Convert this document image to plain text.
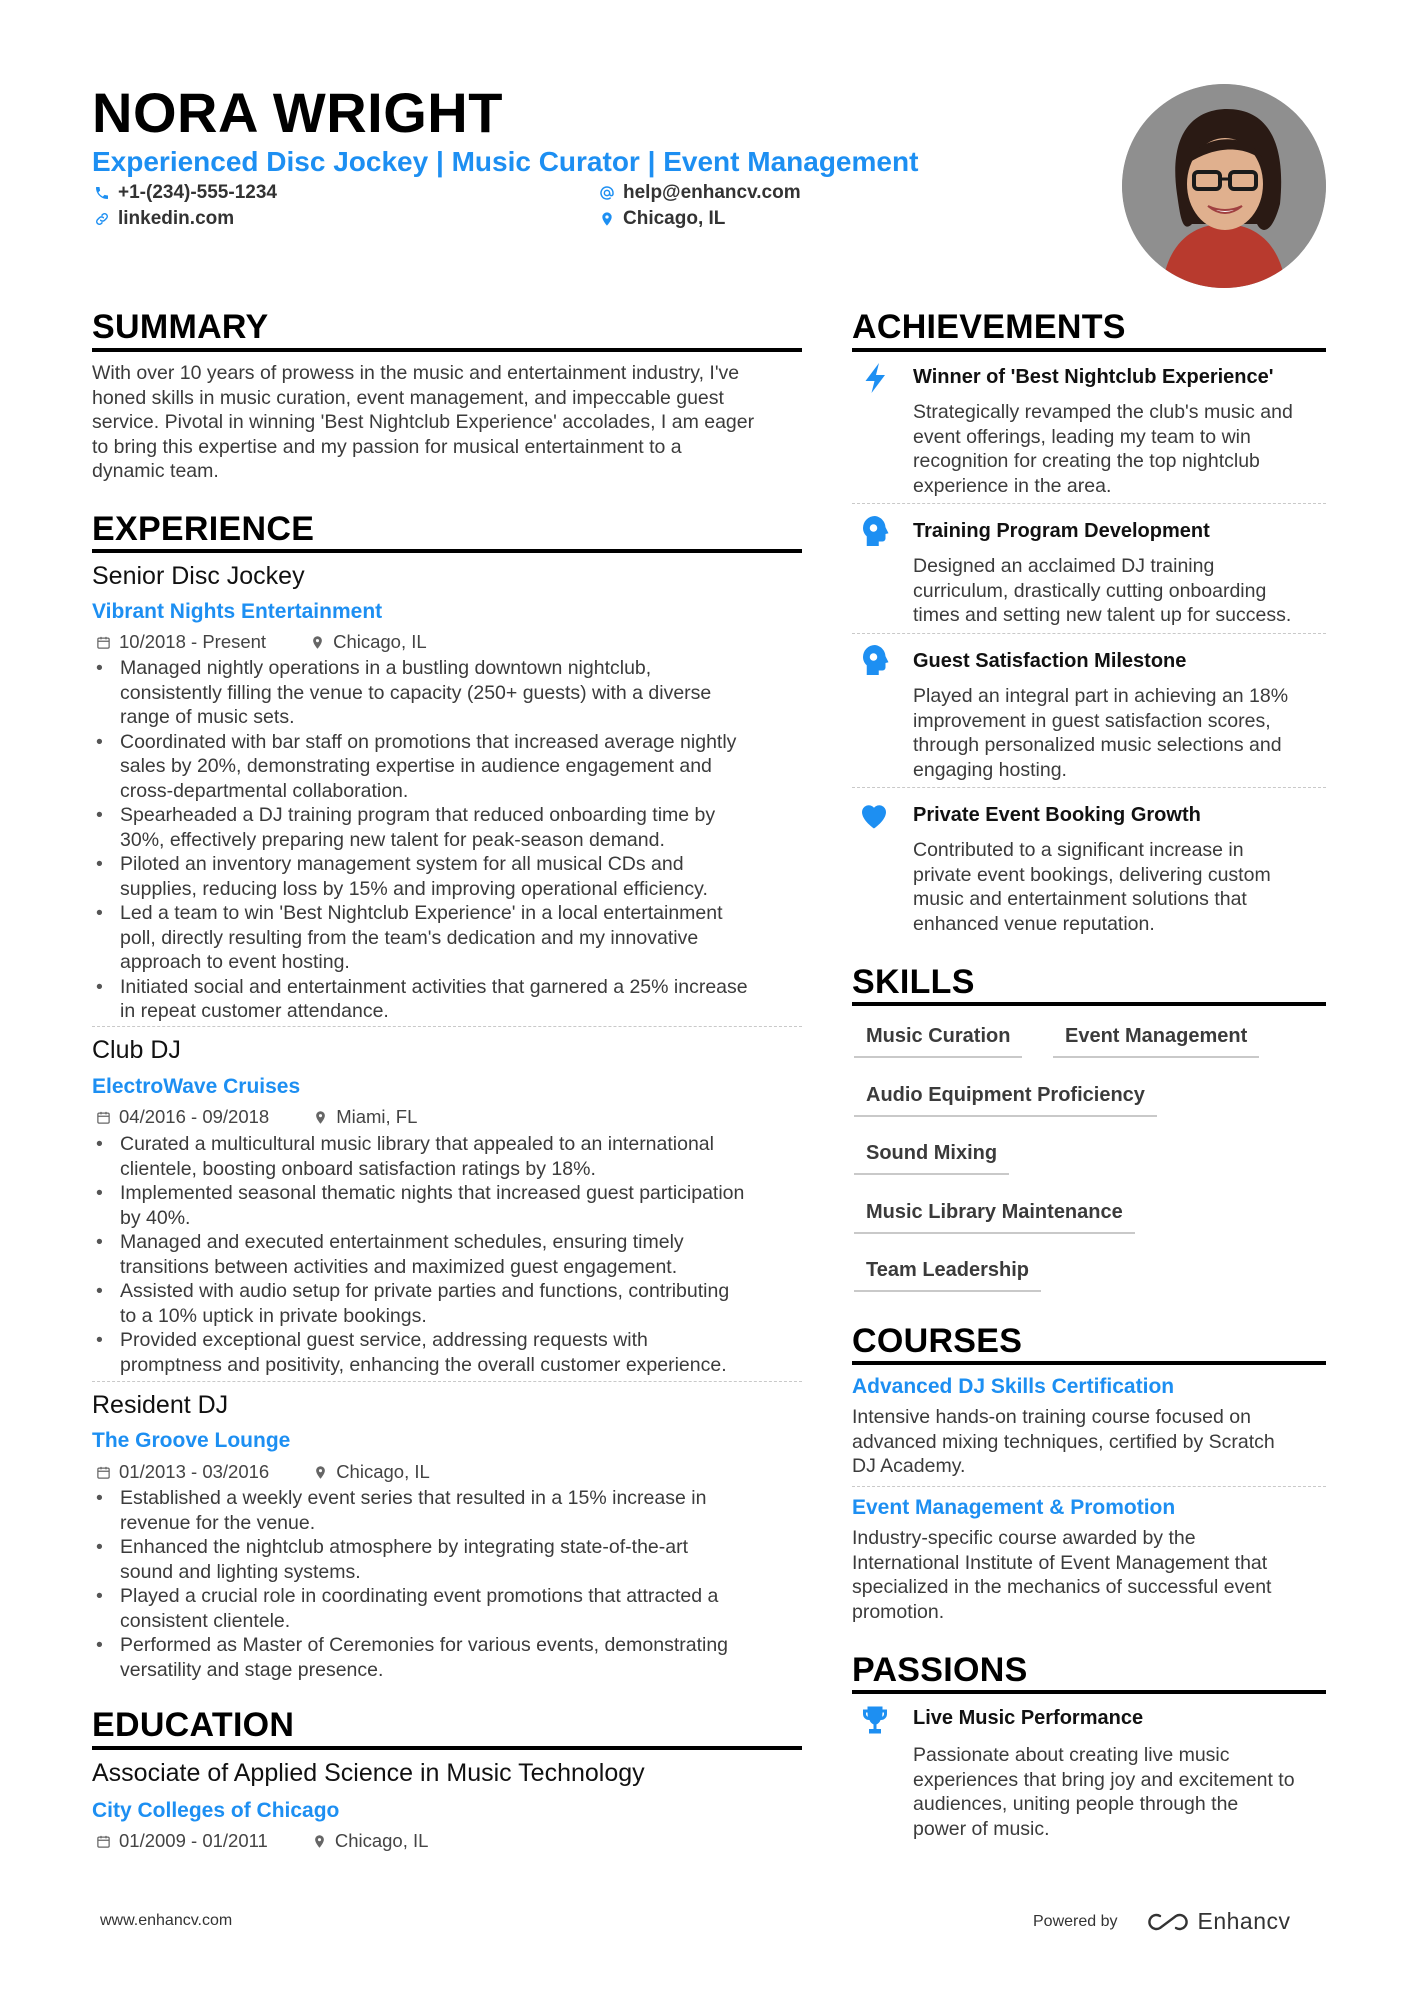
NORA WRIGHT
Experienced Disc Jockey | Music Curator | Event Management
+1-(234)-555-1234	help@enhancv.com
linkedin.com	Chicago, IL
SUMMARY
With over 10 years of prowess in the music and entertainment industry, I've
honed skills in music curation, event management, and impeccable guest
service. Pivotal in winning 'Best Nightclub Experience' accolades, I am eager
to bring this expertise and my passion for musical entertainment to a
dynamic team.
EXPERIENCE
Senior Disc Jockey
Vibrant Nights Entertainment
10/2018 - Present	Chicago, IL
• Managed nightly operations in a bustling downtown nightclub,
consistently filling the venue to capacity (250+ guests) with a diverse
range of music sets.
• Coordinated with bar staff on promotions that increased average nightly
sales by 20%, demonstrating expertise in audience engagement and
cross-departmental collaboration.
• Spearheaded a DJ training program that reduced onboarding time by
30%, effectively preparing new talent for peak-season demand.
• Piloted an inventory management system for all musical CDs and
supplies, reducing loss by 15% and improving operational efficiency.
• Led a team to win 'Best Nightclub Experience' in a local entertainment
poll, directly resulting from the team's dedication and my innovative
approach to event hosting.
• Initiated social and entertainment activities that garnered a 25% increase
in repeat customer attendance.
Club DJ
ElectroWave Cruises
04/2016 - 09/2018	Miami, FL
• Curated a multicultural music library that appealed to an international
clientele, boosting onboard satisfaction ratings by 18%.
• Implemented seasonal thematic nights that increased guest participation
by 40%.
• Managed and executed entertainment schedules, ensuring timely
transitions between activities and maximized guest engagement.
• Assisted with audio setup for private parties and functions, contributing
to a 10% uptick in private bookings.
• Provided exceptional guest service, addressing requests with
promptness and positivity, enhancing the overall customer experience.
Resident DJ
The Groove Lounge
01/2013 - 03/2016	Chicago, IL
• Established a weekly event series that resulted in a 15% increase in
revenue for the venue.
• Enhanced the nightclub atmosphere by integrating state-of-the-art
sound and lighting systems.
• Played a crucial role in coordinating event promotions that attracted a
consistent clientele.
• Performed as Master of Ceremonies for various events, demonstrating
versatility and stage presence.
EDUCATION
Associate of Applied Science in Music Technology
City Colleges of Chicago
01/2009 - 01/2011	Chicago, IL
ACHIEVEMENTS
Winner of 'Best Nightclub Experience'
Strategically revamped the club's music and
event offerings, leading my team to win
recognition for creating the top nightclub
experience in the area.
Training Program Development
Designed an acclaimed DJ training
curriculum, drastically cutting onboarding
times and setting new talent up for success.
Guest Satisfaction Milestone
Played an integral part in achieving an 18%
improvement in guest satisfaction scores,
through personalized music selections and
engaging hosting.
Private Event Booking Growth
Contributed to a significant increase in
private event bookings, delivering custom
music and entertainment solutions that
enhanced venue reputation.
SKILLS
Music Curation	Event Management
Audio Equipment Proficiency
Sound Mixing
Music Library Maintenance
Team Leadership
COURSES
Advanced DJ Skills Certification
Intensive hands-on training course focused on
advanced mixing techniques, certified by Scratch
DJ Academy.
Event Management & Promotion
Industry-specific course awarded by the
International Institute of Event Management that
specialized in the mechanics of successful event
promotion.
PASSIONS
Live Music Performance
Passionate about creating live music
experiences that bring joy and excitement to
audiences, uniting people through the
power of music.
www.enhancv.com	Powered by	Enhancv
